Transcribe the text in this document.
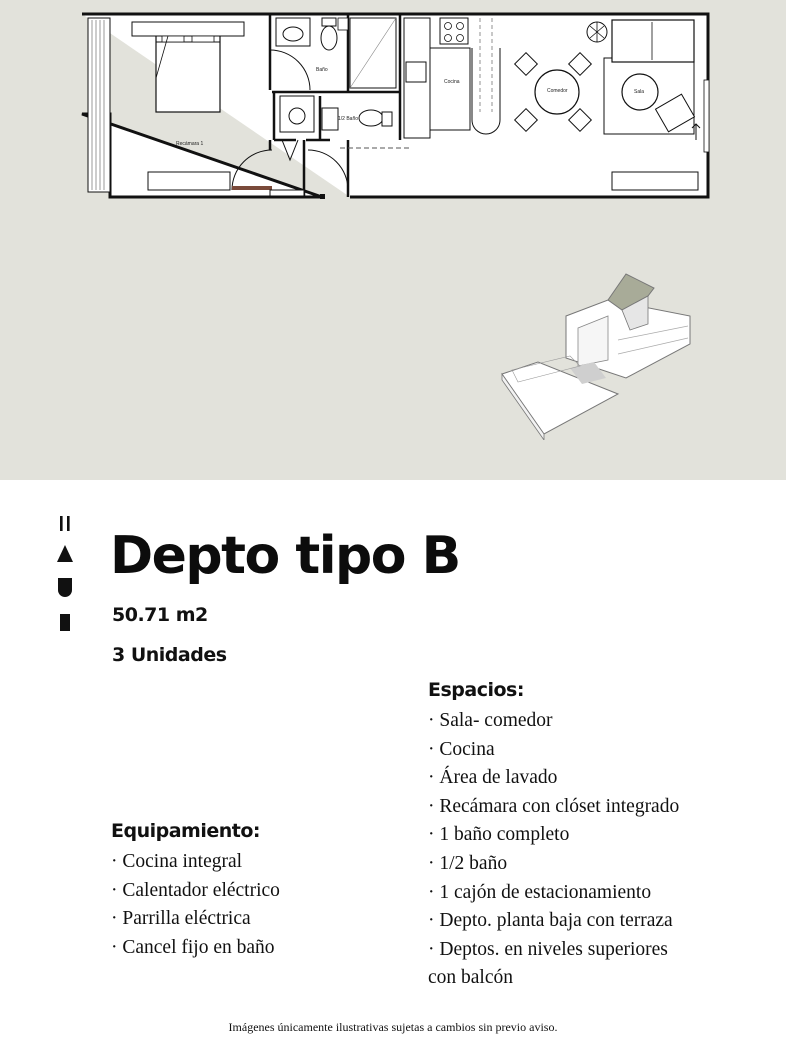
Recámara 1
Baño
1/2 Baño
Cocina
Comedor	Sala
Depto tipo B
50.71 m2
3 Unidades
Espacios:
· Sala- comedor
· Cocina
· Área de lavado
· Recámara con clóset integrado
· 1 baño completo
· 1/2 baño
· 1 cajón de estacionamiento
· Depto. planta baja con terraza
· Deptos. en niveles superiores
con balcón
Equipamiento:
· Cocina integral
· Calentador eléctrico
· Parrilla eléctrica
· Cancel fijo en baño
Imágenes únicamente ilustrativas sujetas a cambios sin previo aviso.
